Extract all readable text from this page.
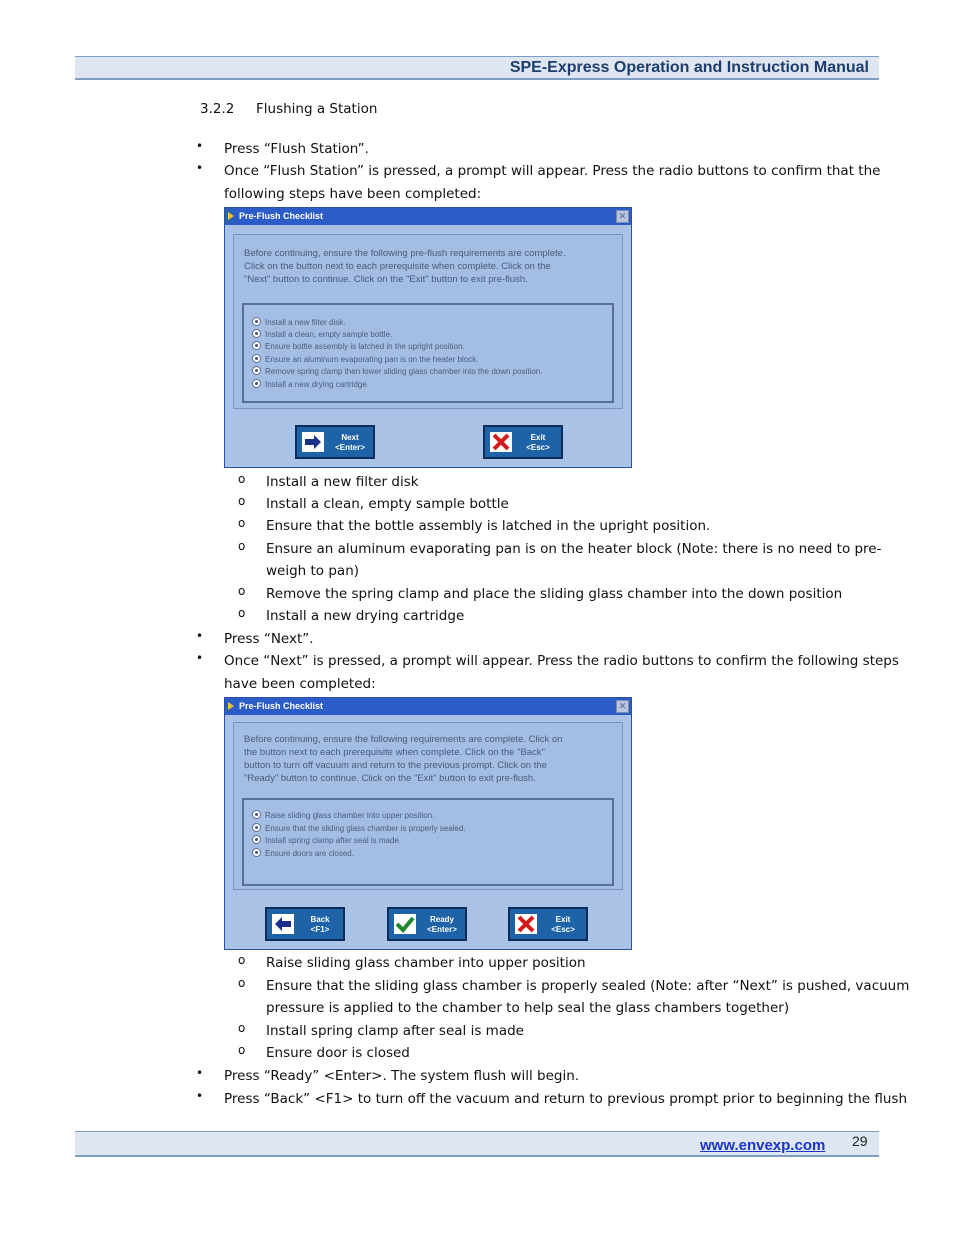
SPE-Express Operation and Instruction Manual
3.2.2 Flushing a Station
• Press “Flush Station”.
• Once “Flush Station” is pressed, a prompt will appear. Press the radio buttons to confirm that the
following steps have been completed:
Pre-Flush Checklist	✕
Before continuing, ensure the following pre-flush requirements are complete.
Click on the button next to each prerequisite when complete. Click on the
"Next" button to continue. Click on the "Exit" button to exit pre-flush.
Install a new filter disk.
Install a clean, empty sample bottle.
Ensure bottle assembly is latched in the upright position.
Ensure an aluminum evaporating pan is on the heater block.
Remove spring clamp then lower sliding glass chamber into the down position.
Install a new drying cartridge.
Next
<Enter>
Exit
<Esc>
o Install a new filter disk
o Install a clean, empty sample bottle
o Ensure that the bottle assembly is latched in the upright position.
o Ensure an aluminum evaporating pan is on the heater block (Note: there is no need to pre-
weigh to pan)
o Remove the spring clamp and place the sliding glass chamber into the down position
o Install a new drying cartridge
• Press “Next”.
• Once “Next” is pressed, a prompt will appear. Press the radio buttons to confirm the following steps
have been completed:
Pre-Flush Checklist	✕
Before continuing, ensure the following requirements are complete. Click on
the button next to each prerequisite when complete. Click on the "Back"
button to turn off vacuum and return to the previous prompt. Click on the
"Ready" button to continue. Click on the "Exit" button to exit pre-flush.
Raise sliding glass chamber into upper position.
Ensure that the sliding glass chamber is properly sealed.
Install spring clamp after seal is made.
Ensure doors are closed.
Back
<F1>
Ready
<Enter>
Exit
<Esc>
o Raise sliding glass chamber into upper position
o Ensure that the sliding glass chamber is properly sealed (Note: after “Next” is pushed, vacuum
pressure is applied to the chamber to help seal the glass chambers together)
o Install spring clamp after seal is made
o Ensure door is closed
• Press “Ready” <Enter>. The system flush will begin.
• Press “Back” <F1> to turn off the vacuum and return to previous prompt prior to beginning the flush
www.envexp.com 29
